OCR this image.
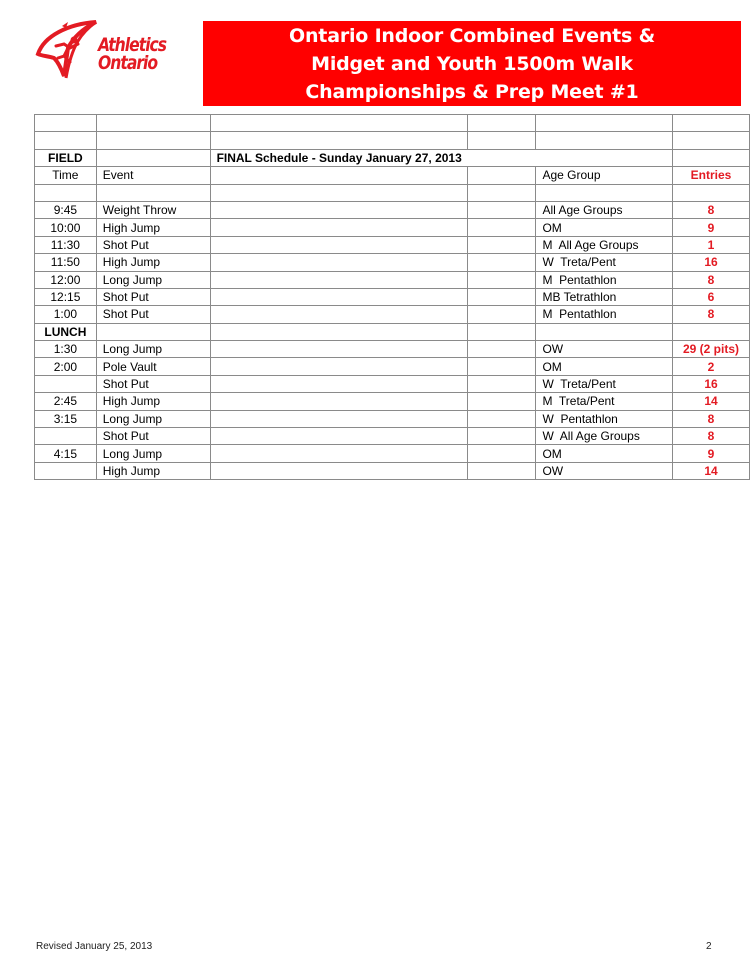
Athletics
Ontario
Ontario Indoor Combined Events &
Midget and Youth 1500m Walk
Championships & Prep Meet #1

FIELD		FINAL Schedule - Sunday January 27, 2013			
Time	Event			Age Group	Entries

9:45	Weight Throw			All Age Groups	8
10:00	High Jump			OM	9
11:30	Shot Put			M  All Age Groups	1
11:50	High Jump			W  Treta/Pent	16
12:00	Long Jump			M  Pentathlon	8
12:15	Shot Put			MB Tetrathlon	6
1:00	Shot Put			M  Pentathlon	8
LUNCH					
1:30	Long Jump			OW	29 (2 pits)
2:00	Pole Vault			OM	2
	Shot Put			W  Treta/Pent	16
2:45	High Jump			M  Treta/Pent	14
3:15	Long Jump			W  Pentathlon	8
	Shot Put			W  All Age Groups	8
4:15	Long Jump			OM	9
	High Jump			OW	14
Revised January 25, 2013	2
